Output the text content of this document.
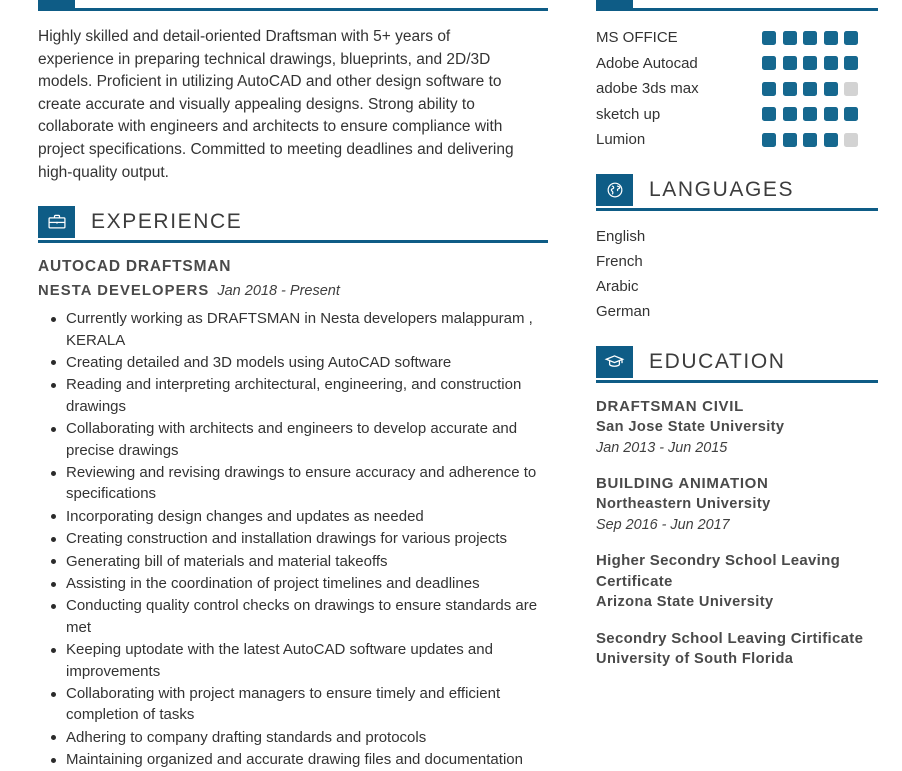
Highly skilled and detail-oriented Draftsman with 5+ years of experience in preparing technical drawings, blueprints, and 2D/3D models. Proficient in utilizing AutoCAD and other design software to create accurate and visually appealing designs. Strong ability to collaborate with engineers and architects to ensure compliance with project specifications. Committed to meeting deadlines and delivering high-quality output.
EXPERIENCE
AUTOCAD DRAFTSMAN
NESTA DEVELOPERS Jan 2018 - Present
Currently working as DRAFTSMAN in Nesta developers malappuram , KERALA
Creating detailed and 3D models using AutoCAD software
Reading and interpreting architectural, engineering, and construction drawings
Collaborating with architects and engineers to develop accurate and precise drawings
Reviewing and revising drawings to ensure accuracy and adherence to specifications
Incorporating design changes and updates as needed
Creating construction and installation drawings for various projects
Generating bill of materials and material takeoffs
Assisting in the coordination of project timelines and deadlines
Conducting quality control checks on drawings to ensure standards are met
Keeping uptodate with the latest AutoCAD software updates and improvements
Collaborating with project managers to ensure timely and efficient completion of tasks
Adhering to company drafting standards and protocols
Maintaining organized and accurate drawing files and documentation
MS OFFICE
Adobe Autocad
adobe 3ds max
sketch up
Lumion
LANGUAGES
English
French
Arabic
German
EDUCATION
DRAFTSMAN CIVIL
San Jose State University
Jan 2013 - Jun 2015
BUILDING ANIMATION
Northeastern University
Sep 2016 - Jun 2017
Higher Secondry School Leaving Certificate
Arizona State University
Secondry School Leaving Cirtificate
University of South Florida
